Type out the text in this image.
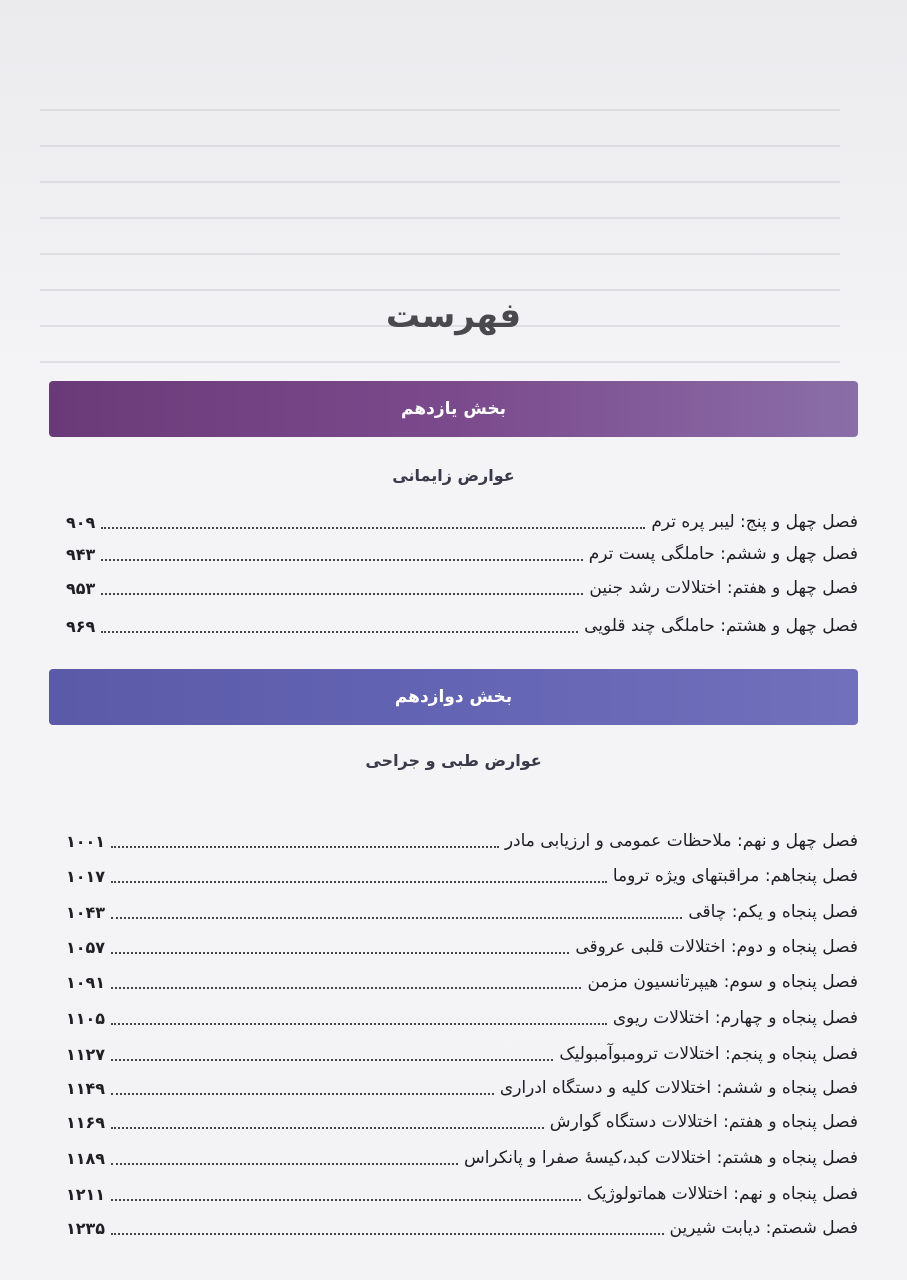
فهرست
بخش یازدهم
عوارض زایمانی
فصل چهل و پنج: لیبر پره ترم
۹۰۹
فصل چهل و ششم: حاملگی پست ترم
۹۴۳
فصل چهل و هفتم: اختلالات رشد جنین
۹۵۳
فصل چهل و هشتم: حاملگی چند قلویی
۹۶۹
بخش دوازدهم
عوارض طبی و جراحی
فصل چهل و نهم: ملاحظات عمومی و ارزیابی مادر
۱۰۰۱
فصل پنجاهم: مراقبتهای ویژه تروما
۱۰۱۷
فصل پنجاه و یکم: چاقی
۱۰۴۳
فصل پنجاه و دوم: اختلالات قلبی عروقی
۱۰۵۷
فصل پنجاه و سوم: هیپرتانسیون مزمن
۱۰۹۱
فصل پنجاه و چهارم: اختلالات ریوی
۱۱۰۵
فصل پنجاه و پنجم: اختلالات ترومبوآمبولیک
۱۱۲۷
فصل پنجاه و ششم: اختلالات کلیه و دستگاه ادراری
۱۱۴۹
فصل پنجاه و هفتم: اختلالات دستگاه گوارش
۱۱۶۹
فصل پنجاه و هشتم: اختلالات کبد،کیسهٔ صفرا و پانکراس
۱۱۸۹
فصل پنجاه و نهم: اختلالات هماتولوژیک
۱۲۱۱
فصل شصتم: دیابت شیرین
۱۲۳۵
